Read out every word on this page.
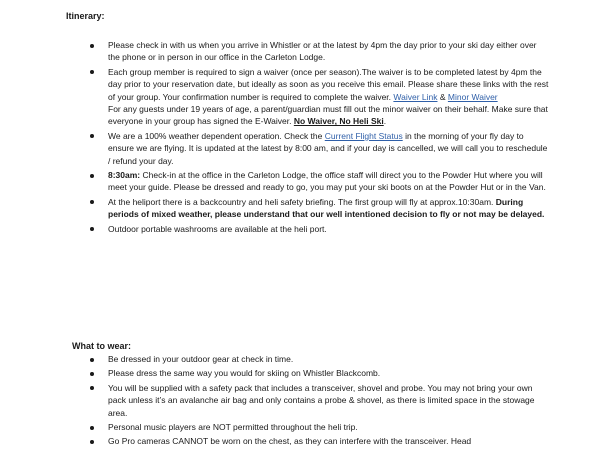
Itinerary:
Please check in with us when you arrive in Whistler or at the latest by 4pm the day prior to your ski day either over the phone or in person in our office in the Carleton Lodge.
Each group member is required to sign a waiver (once per season).The waiver is to be completed latest by 4pm the day prior to your reservation date, but ideally as soon as you receive this email. Please share these links with the rest of your group. Your confirmation number is required to complete the waiver. Waiver Link & Minor Waiver
For any guests under 19 years of age, a parent/guardian must fill out the minor waiver on their behalf. Make sure that everyone in your group has signed the E-Waiver. No Waiver, No Heli Ski.
We are a 100% weather dependent operation. Check the Current Flight Status in the morning of your fly day to ensure we are flying. It is updated at the latest by 8:00 am, and if your day is cancelled, we will call you to reschedule / refund your day.
8:30am: Check-in at the office in the Carleton Lodge, the office staff will direct you to the Powder Hut where you will meet your guide. Please be dressed and ready to go, you may put your ski boots on at the Powder Hut or in the Van.
At the heliport there is a backcountry and heli safety briefing. The first group will fly at approx.10:30am. During periods of mixed weather, please understand that our well intentioned decision to fly or not may be delayed.
Outdoor portable washrooms are available at the heli port.
What to wear:
Be dressed in your outdoor gear at check in time.
Please dress the same way you would for skiing on Whistler Blackcomb.
You will be supplied with a safety pack that includes a transceiver, shovel and probe. You may not bring your own pack unless it’s an avalanche air bag and only contains a probe & shovel, as there is limited space in the stowage area.
Personal music players are NOT permitted throughout the heli trip.
Go Pro cameras CANNOT be worn on the chest, as they can interfere with the transceiver. Head
